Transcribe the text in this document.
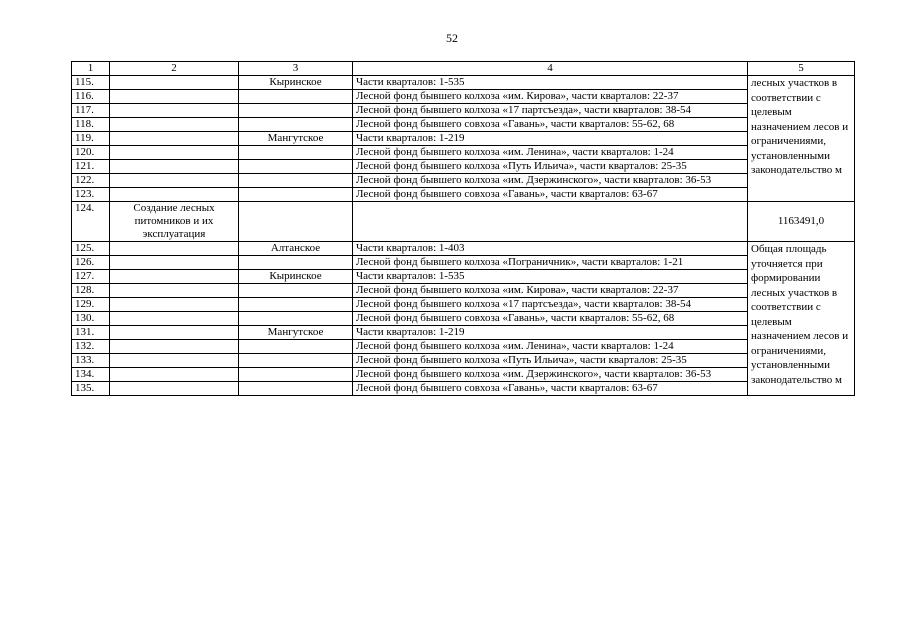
52
1	2	3	4	5
115.		Кыринское	Части кварталов: 1-535	лесных участков в соответствии с целевым назначением лесов и ограничениями, установленными законодательство м
116.			Лесной фонд бывшего колхоза «им. Кирова», части кварталов: 22-37	
117.			Лесной фонд бывшего колхоза «17 партсъезда», части кварталов: 38-54	
118.			Лесной фонд бывшего совхоза «Гавань», части кварталов: 55-62, 68	
119.		Мангутское	Части кварталов: 1-219	
120.			Лесной фонд бывшего колхоза «им. Ленина», части кварталов: 1-24	
121.			Лесной фонд бывшего колхоза «Путь Ильича», части кварталов: 25-35	
122.			Лесной фонд бывшего колхоза «им. Дзержинского», части кварталов: 36-53	
123.			Лесной фонд бывшего совхоза «Гавань», части кварталов: 63-67	
124.	Создание лесных питомников и их эксплуатация			1163491,0
125.		Алтанское	Части кварталов: 1-403	Общая площадь уточняется при формировании лесных участков в соответствии с целевым назначением лесов и ограничениями, установленными законодательство м
126.			Лесной фонд бывшего колхоза «Пограничник», части кварталов: 1-21	
127.		Кыринское	Части кварталов: 1-535	
128.			Лесной фонд бывшего колхоза «им. Кирова», части кварталов: 22-37	
129.			Лесной фонд бывшего колхоза «17 партсъезда», части кварталов: 38-54	
130.			Лесной фонд бывшего совхоза «Гавань», части кварталов: 55-62, 68	
131.		Мангутское	Части кварталов: 1-219	
132.			Лесной фонд бывшего колхоза «им. Ленина», части кварталов: 1-24	
133.			Лесной фонд бывшего колхоза «Путь Ильича», части кварталов: 25-35	
134.			Лесной фонд бывшего колхоза «им. Дзержинского», части кварталов: 36-53	
135.			Лесной фонд бывшего совхоза «Гавань», части кварталов: 63-67	
